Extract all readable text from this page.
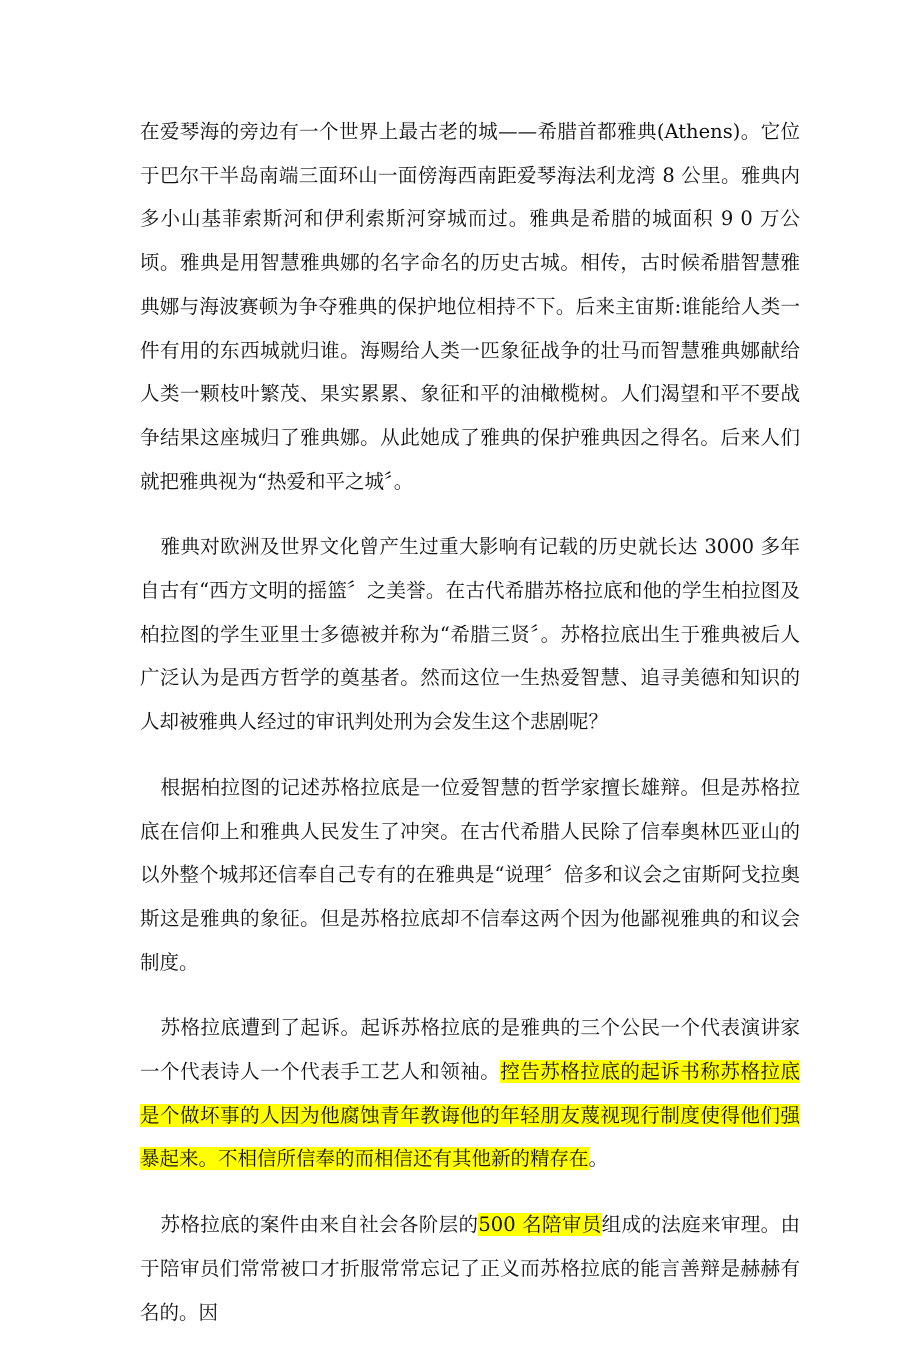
在爱琴海的旁边有一个世界上最古老的城——希腊首都雅典(Athens)。它位于巴尔干半岛南端三面环山一面傍海西南距爱琴海法利龙湾 8 公里。雅典内多小山基菲索斯河和伊利索斯河穿城而过。雅典是希腊的城面积 9 0 万公顷。雅典是用智慧雅典娜的名字命名的历史古城。相传，古时候希腊智慧雅典娜与海波赛顿为争夺雅典的保护地位相持不下。后来主宙斯:谁能给人类一件有用的东西城就归谁。海赐给人类一匹象征战争的壮马而智慧雅典娜献给人类一颗枝叶繁茂、果实累累、象征和平的油橄榄树。人们渴望和平不要战争结果这座城归了雅典娜。从此她成了雅典的保护雅典因之得名。后来人们就把雅典视为“热爱和平之城〞。

雅典对欧洲及世界文化曾产生过重大影响有记载的历史就长达 3000 多年自古有“西方文明的摇篮〞之美誉。在古代希腊苏格拉底和他的学生柏拉图及柏拉图的学生亚里士多德被并称为“希腊三贤〞。苏格拉底出生于雅典被后人广泛认为是西方哲学的奠基者。然而这位一生热爱智慧、追寻美德和知识的人却被雅典人经过的审讯判处刑为会发生这个悲剧呢？

根据柏拉图的记述苏格拉底是一位爱智慧的哲学家擅长雄辩。但是苏格拉底在信仰上和雅典人民发生了冲突。在古代希腊人民除了信奉奥林匹亚山的以外整个城邦还信奉自己专有的在雅典是“说理〞倍多和议会之宙斯阿戈拉奥斯这是雅典的象征。但是苏格拉底却不信奉这两个因为他鄙视雅典的和议会制度。

苏格拉底遭到了起诉。起诉苏格拉底的是雅典的三个公民一个代表演讲家一个代表诗人一个代表手工艺人和领袖。控告苏格拉底的起诉书称苏格拉底是个做坏事的人因为他腐蚀青年教诲他的年轻朋友蔑视现行制度使得他们强暴起来。不相信所信奉的而相信还有其他新的精存在。

苏格拉底的案件由来自社会各阶层的500 名陪审员组成的法庭来审理。由于陪审员们常常被口才折服常常忘记了正义而苏格拉底的能言善辩是赫赫有名的。因
